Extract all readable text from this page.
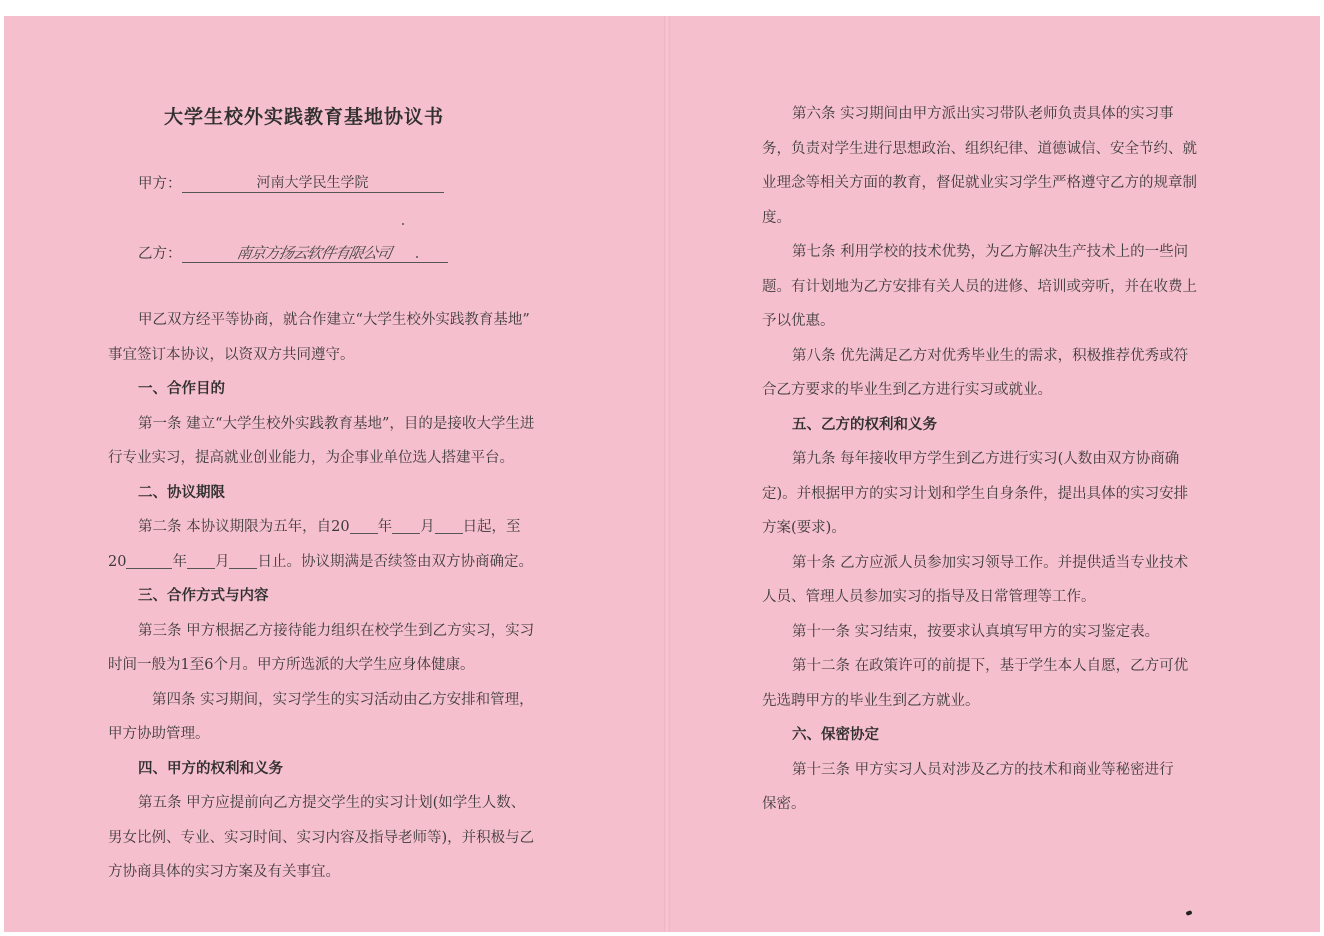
大学生校外实践教育基地协议书
甲方：	河南大学民生学院
乙方：	南京方扬云软件有限公司

甲乙双方经平等协商，就合作建立“大学生校外实践教育基地”

事宜签订本协议，以资双方共同遵守。

一、合作目的

第一条 建立“大学生校外实践教育基地”，目的是接收大学生进

行专业实习，提高就业创业能力，为企事业单位选人搭建平台。

二、协议期限

第二条 本协议期限为五年，自20 年 月 日起，至

20	年 月 日止。协议期满是否续签由双方协商确定。

三、合作方式与内容

第三条 甲方根据乙方接待能力组织在校学生到乙方实习，实习

时间一般为1至6个月。甲方所选派的大学生应身体健康。

第四条 实习期间，实习学生的实习活动由乙方安排和管理，

甲方协助管理。

四、甲方的权利和义务

第五条 甲方应提前向乙方提交学生的实习计划(如学生人数、

男女比例、专业、实习时间、实习内容及指导老师等)，并积极与乙

方协商具体的实习方案及有关事宜。

第六条 实习期间由甲方派出实习带队老师负责具体的实习事

务，负责对学生进行思想政治、组织纪律、道德诚信、安全节约、就

业理念等相关方面的教育，督促就业实习学生严格遵守乙方的规章制

度。

第七条 利用学校的技术优势，为乙方解决生产技术上的一些问

题。有计划地为乙方安排有关人员的进修、培训或旁听，并在收费上

予以优惠。

第八条 优先满足乙方对优秀毕业生的需求，积极推荐优秀或符

合乙方要求的毕业生到乙方进行实习或就业。

五、乙方的权利和义务

第九条 每年接收甲方学生到乙方进行实习(人数由双方协商确

定)。并根据甲方的实习计划和学生自身条件，提出具体的实习安排

方案(要求)。

第十条 乙方应派人员参加实习领导工作。并提供适当专业技术

人员、管理人员参加实习的指导及日常管理等工作。

第十一条 实习结束，按要求认真填写甲方的实习鉴定表。

第十二条 在政策许可的前提下，基于学生本人自愿，乙方可优

先选聘甲方的毕业生到乙方就业。

六、保密协定

第十三条 甲方实习人员对涉及乙方的技术和商业等秘密进行

保密。
